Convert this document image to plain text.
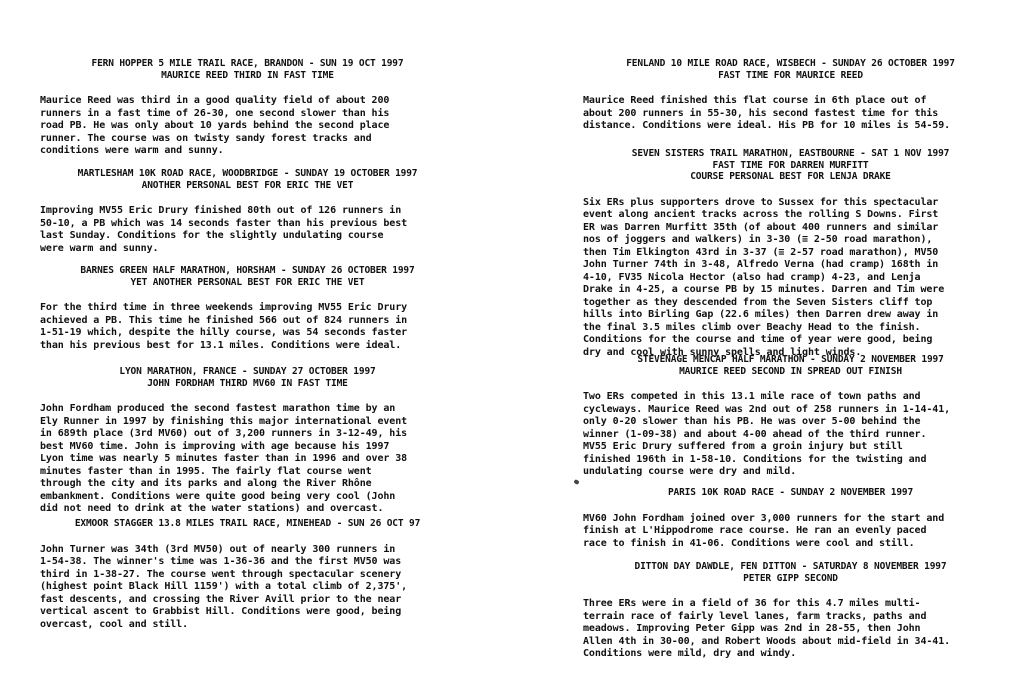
FERN HOPPER 5 MILE TRAIL RACE, BRANDON - SUN 19 OCT 1997
MAURICE REED THIRD IN FAST TIME
Maurice Reed was third in a good quality field of about 200
runners in a fast time of 26-30, one second slower than his
road PB. He was only about 10 yards behind the second place
runner. The course was on twisty sandy forest tracks and
conditions were warm and sunny.
MARTLESHAM 10K ROAD RACE, WOODBRIDGE - SUNDAY 19 OCTOBER 1997
ANOTHER PERSONAL BEST FOR ERIC THE VET
Improving MV55 Eric Drury finished 80th out of 126 runners in
50-10, a PB which was 14 seconds faster than his previous best
last Sunday. Conditions for the slightly undulating course
were warm and sunny.
BARNES GREEN HALF MARATHON, HORSHAM - SUNDAY 26 OCTOBER 1997
YET ANOTHER PERSONAL BEST FOR ERIC THE VET
For the third time in three weekends improving MV55 Eric Drury
achieved a PB. This time he finished 566 out of 824 runners in
1-51-19 which, despite the hilly course, was 54 seconds faster
than his previous best for 13.1 miles. Conditions were ideal.
LYON MARATHON, FRANCE - SUNDAY 27 OCTOBER 1997
JOHN FORDHAM THIRD MV60 IN FAST TIME
John Fordham produced the second fastest marathon time by an
Ely Runner in 1997 by finishing this major international event
in 689th place (3rd MV60) out of 3,200 runners in 3-12-49, his
best MV60 time. John is improving with age because his 1997
Lyon time was nearly 5 minutes faster than in 1996 and over 38
minutes faster than in 1995. The fairly flat course went
through the city and its parks and along the River Rhône
embankment. Conditions were quite good being very cool (John
did not need to drink at the water stations) and overcast.
EXMOOR STAGGER 13.8 MILES TRAIL RACE, MINEHEAD - SUN 26 OCT 97
John Turner was 34th (3rd MV50) out of nearly 300 runners in
1-54-38. The winner's time was 1-36-36 and the first MV50 was
third in 1-38-27. The course went through spectacular scenery
(highest point Black Hill 1159') with a total climb of 2,375',
fast descents, and crossing the River Avill prior to the near
vertical ascent to Grabbist Hill. Conditions were good, being
overcast, cool and still.
FENLAND 10 MILE ROAD RACE, WISBECH - SUNDAY 26 OCTOBER 1997
FAST TIME FOR MAURICE REED
Maurice Reed finished this flat course in 6th place out of
about 200 runners in 55-30, his second fastest time for this
distance. Conditions were ideal. His PB for 10 miles is 54-59.
SEVEN SISTERS TRAIL MARATHON, EASTBOURNE - SAT 1 NOV 1997
FAST TIME FOR DARREN MURFITT
COURSE PERSONAL BEST FOR LENJA DRAKE
Six ERs plus supporters drove to Sussex for this spectacular
event along ancient tracks across the rolling S Downs. First
ER was Darren Murfitt 35th (of about 400 runners and similar
nos of joggers and walkers) in 3-30 (≡ 2-50 road marathon),
then Tim Elkington 43rd in 3-37 (≡ 2-57 road marathon), MV50
John Turner 74th in 3-48, Alfredo Verna (had cramp) 168th in
4-10, FV35 Nicola Hector (also had cramp) 4-23, and Lenja
Drake in 4-25, a course PB by 15 minutes. Darren and Tim were
together as they descended from the Seven Sisters cliff top
hills into Birling Gap (22.6 miles) then Darren drew away in
the final 3.5 miles climb over Beachy Head to the finish.
Conditions for the course and time of year were good, being
dry and cool with sunny spells and light winds.
STEVENAGE MENCAP HALF MARATHON - SUNDAY 2 NOVEMBER 1997
MAURICE REED SECOND IN SPREAD OUT FINISH
Two ERs competed in this 13.1 mile race of town paths and
cycleways. Maurice Reed was 2nd out of 258 runners in 1-14-41,
only 0-20 slower than his PB. He was over 5-00 behind the
winner (1-09-38) and about 4-00 ahead of the third runner.
MV55 Eric Drury suffered from a groin injury but still
finished 196th in 1-58-10. Conditions for the twisting and
undulating course were dry and mild.
PARIS 10K ROAD RACE - SUNDAY 2 NOVEMBER 1997
MV60 John Fordham joined over 3,000 runners for the start and
finish at L'Hippodrome race course. He ran an evenly paced
race to finish in 41-06. Conditions were cool and still.
DITTON DAY DAWDLE, FEN DITTON - SATURDAY 8 NOVEMBER 1997
PETER GIPP SECOND
Three ERs were in a field of 36 for this 4.7 miles multi-
terrain race of fairly level lanes, farm tracks, paths and
meadows. Improving Peter Gipp was 2nd in 28-55, then John
Allen 4th in 30-00, and Robert Woods about mid-field in 34-41.
Conditions were mild, dry and windy.
